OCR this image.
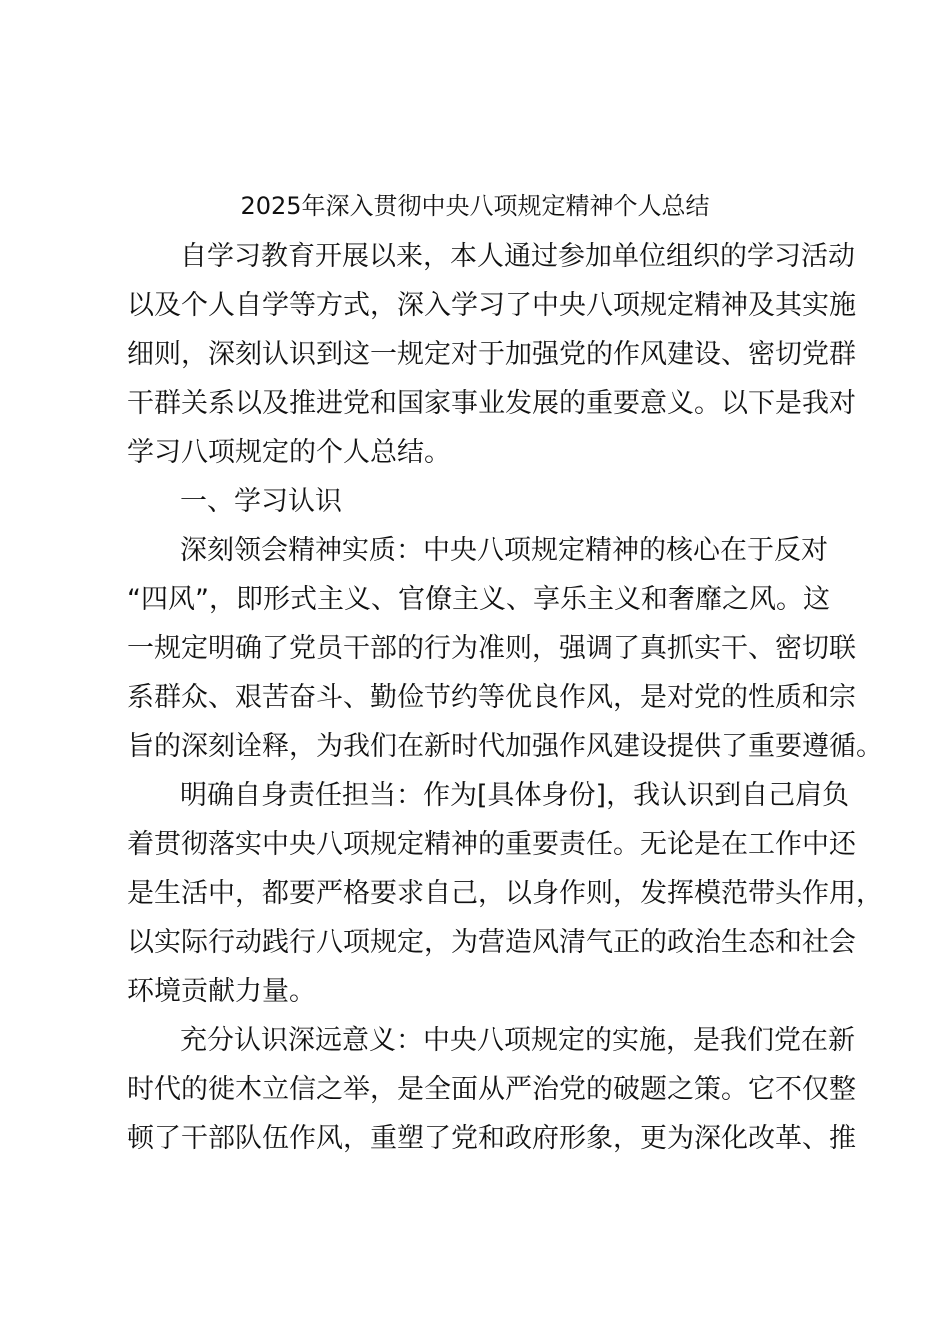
2025年深入贯彻中央八项规定精神个人总结

自学习教育开展以来，本人通过参加单位组织的学习活动

以及个人自学等方式，深入学习了中央八项规定精神及其实施

细则，深刻认识到这一规定对于加强党的作风建设、密切党群

干群关系以及推进党和国家事业发展的重要意义。以下是我对

学习八项规定的个人总结。

一、学习认识

深刻领会精神实质：中央八项规定精神的核心在于反对

“四风”，即形式主义、官僚主义、享乐主义和奢靡之风。这

一规定明确了党员干部的行为准则，强调了真抓实干、密切联

系群众、艰苦奋斗、勤俭节约等优良作风，是对党的性质和宗

旨的深刻诠释，为我们在新时代加强作风建设提供了重要遵循。

明确自身责任担当：作为[具体身份]，我认识到自己肩负

着贯彻落实中央八项规定精神的重要责任。无论是在工作中还

是生活中，都要严格要求自己，以身作则，发挥模范带头作用，

以实际行动践行八项规定，为营造风清气正的政治生态和社会

环境贡献力量。

充分认识深远意义：中央八项规定的实施，是我们党在新

时代的徙木立信之举，是全面从严治党的破题之策。它不仅整

顿了干部队伍作风，重塑了党和政府形象，更为深化改革、推
